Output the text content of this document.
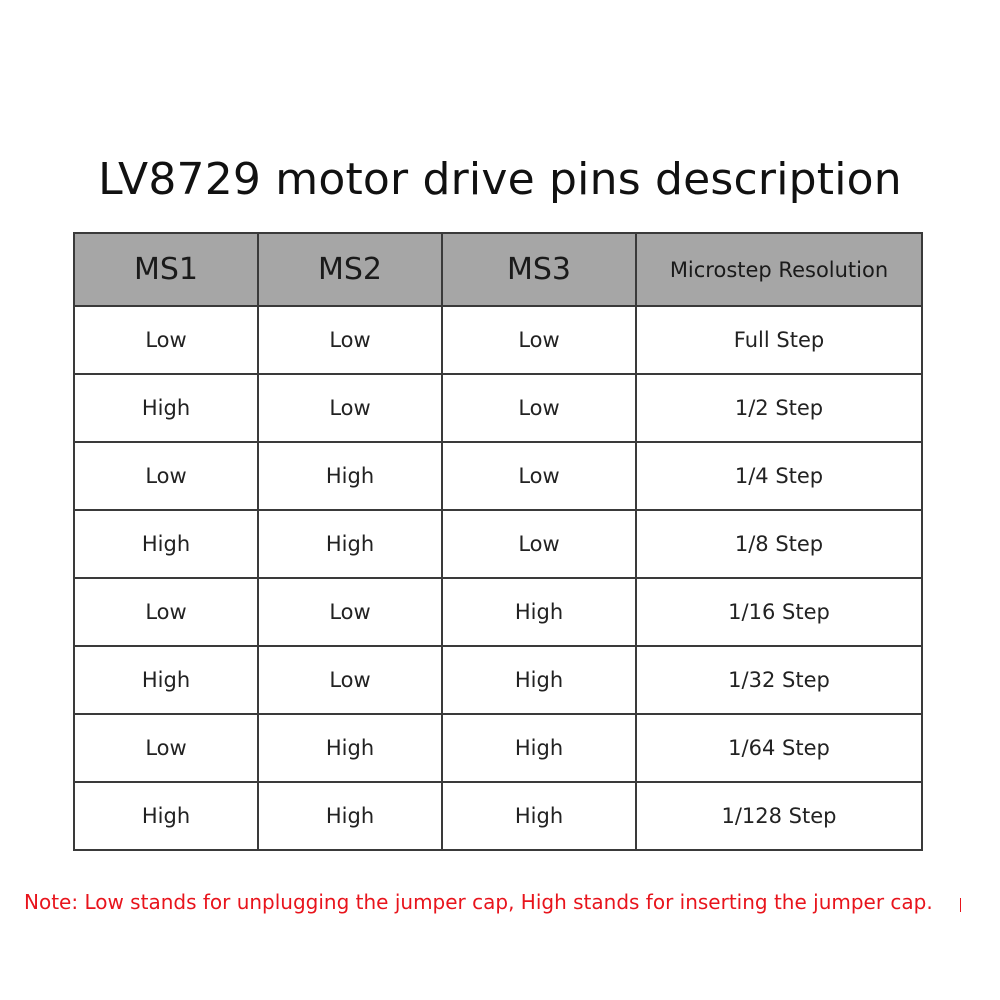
LV8729 motor drive pins description
MS1	MS2	MS3	Microstep Resolution
Low	Low	Low	Full Step
High	Low	Low	1/2 Step
Low	High	Low	1/4 Step
High	High	Low	1/8 Step
Low	Low	High	1/16 Step
High	Low	High	1/32 Step
Low	High	High	1/64 Step
High	High	High	1/128 Step
Note: Low stands for unplugging the jumper cap, High stands for inserting the jumper cap.
